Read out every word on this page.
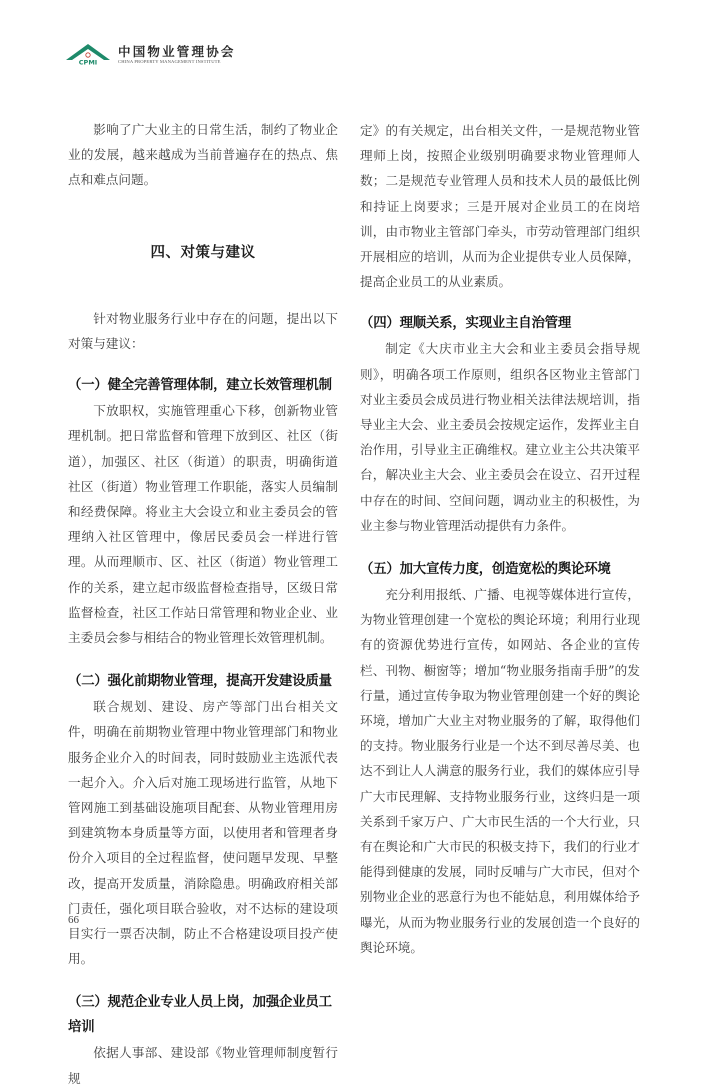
CPMI
中国物业管理协会
CHINA PROPERTY MANAGEMENT INSTITUTE

影响了广大业主的日常生活，制约了物业企业的发展，越来越成为当前普遍存在的热点、焦点和难点问题。

四、对策与建议

针对物业服务行业中存在的问题，提出以下对策与建议：

（一）健全完善管理体制，建立长效管理机制

下放职权，实施管理重心下移，创新物业管理机制。把日常监督和管理下放到区、社区（街道），加强区、社区（街道）的职责，明确街道社区（街道）物业管理工作职能，落实人员编制和经费保障。将业主大会设立和业主委员会的管理纳入社区管理中，像居民委员会一样进行管理。从而理顺市、区、社区（街道）物业管理工作的关系，建立起市级监督检查指导，区级日常监督检查，社区工作站日常管理和物业企业、业主委员会参与相结合的物业管理长效管理机制。

（二）强化前期物业管理，提高开发建设质量

联合规划、建设、房产等部门出台相关文件，明确在前期物业管理中物业管理部门和物业服务企业介入的时间表，同时鼓励业主选派代表一起介入。介入后对施工现场进行监管，从地下管网施工到基础设施项目配套、从物业管理用房到建筑物本身质量等方面，以使用者和管理者身份介入项目的全过程监督，使问题早发现、早整改，提高开发质量，消除隐患。明确政府相关部门责任，强化项目联合验收，对不达标的建设项目实行一票否决制，防止不合格建设项目投产使用。

（三）规范企业专业人员上岗，加强企业员工培训

依据人事部、建设部《物业管理师制度暂行规

定》的有关规定，出台相关文件，一是规范物业管理师上岗，按照企业级别明确要求物业管理师人数；二是规范专业管理人员和技术人员的最低比例和持证上岗要求；三是开展对企业员工的在岗培训，由市物业主管部门牵头，市劳动管理部门组织开展相应的培训，从而为企业提供专业人员保障，提高企业员工的从业素质。

（四）理顺关系，实现业主自治管理

制定《大庆市业主大会和业主委员会指导规则》，明确各项工作原则，组织各区物业主管部门对业主委员会成员进行物业相关法律法规培训，指导业主大会、业主委员会按规定运作，发挥业主自治作用，引导业主正确维权。建立业主公共决策平台，解决业主大会、业主委员会在设立、召开过程中存在的时间、空间问题，调动业主的积极性，为业主参与物业管理活动提供有力条件。

（五）加大宣传力度，创造宽松的舆论环境

充分利用报纸、广播、电视等媒体进行宣传，为物业管理创建一个宽松的舆论环境；利用行业现有的资源优势进行宣传，如网站、各企业的宣传栏、刊物、橱窗等；增加“物业服务指南手册”的发行量，通过宣传争取为物业管理创建一个好的舆论环境，增加广大业主对物业服务的了解，取得他们的支持。物业服务行业是一个达不到尽善尽美、也达不到让人人满意的服务行业，我们的媒体应引导广大市民理解、支持物业服务行业，这终归是一项关系到千家万户、广大市民生活的一个大行业，只有在舆论和广大市民的积极支持下，我们的行业才能得到健康的发展，同时反哺与广大市民，但对个别物业企业的恶意行为也不能姑息，利用媒体给予曝光，从而为物业服务行业的发展创造一个良好的舆论环境。

66
